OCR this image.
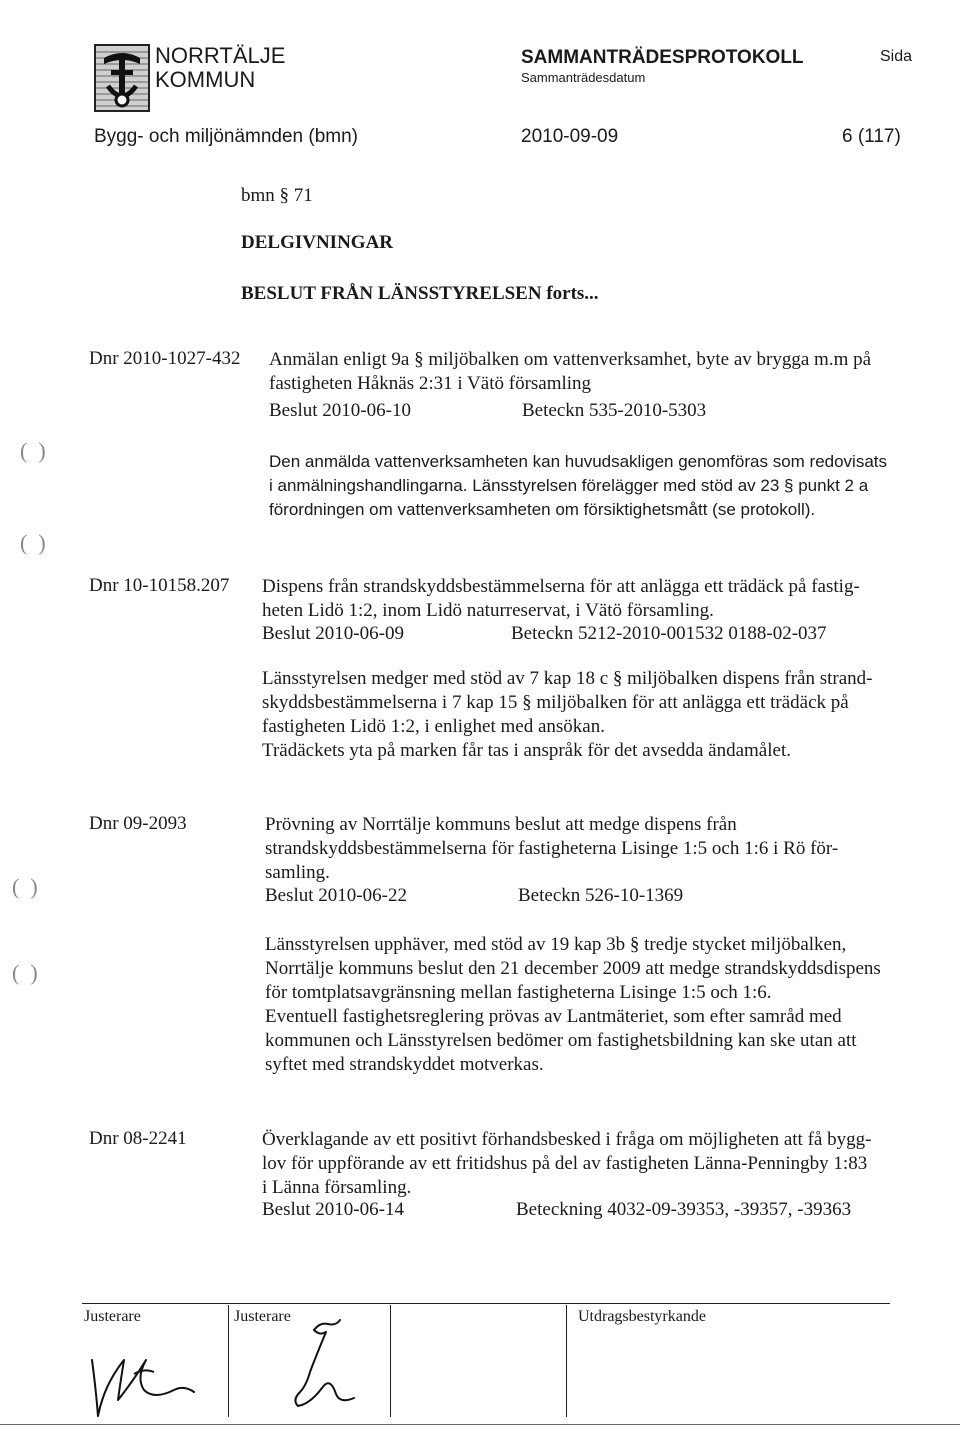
NORRTÄLJE
KOMMUN
SAMMANTRÄDESPROTOKOLL
Sammanträdesdatum
Sida
Bygg- och miljönämnden (bmn)	2010-09-09	6 (117)
bmn § 71
DELGIVNINGAR
BESLUT FRÅN LÄNSSTYRELSEN forts...
Dnr 2010-1027-432 Anmälan enligt 9a § miljöbalken om vattenverksamhet, byte av brygga m.m på

fastigheten Håknäs 2:31 i Vätö församling

Beslut 2010-06-10	Beteckn 535-2010-5303

Den anmälda vattenverksamheten kan huvudsakligen genomföras som redovisats

i anmälningshandlingarna. Länsstyrelsen förelägger med stöd av 23 § punkt 2 a

förordningen om vattenverksamheten om försiktighetsmått (se protokoll).

(  )
(  )
Dnr 10-10158.207 Dispens från strandskyddsbestämmelserna för att anlägga ett trädäck på fastig-

heten Lidö 1:2, inom Lidö naturreservat, i Vätö församling.

Beslut 2010-06-09	Beteckn 5212-2010-001532 0188-02-037

Länsstyrelsen medger med stöd av 7 kap 18 c § miljöbalken dispens från strand-

skyddsbestämmelserna i 7 kap 15 § miljöbalken för att anlägga ett trädäck på

fastigheten Lidö 1:2, i enlighet med ansökan.

Trädäckets yta på marken får tas i anspråk för det avsedda ändamålet.

Dnr 09-2093	Prövning av Norrtälje kommuns beslut att medge dispens från

strandskyddsbestämmelserna för fastigheterna Lisinge 1:5 och 1:6 i Rö för-

samling.

Beslut 2010-06-22	Beteckn 526-10-1369

Länsstyrelsen upphäver, med stöd av 19 kap 3b § tredje stycket miljöbalken,

Norrtälje kommuns beslut den 21 december 2009 att medge strandskyddsdispens

för tomtplatsavgränsning mellan fastigheterna Lisinge 1:5 och 1:6.

Eventuell fastighetsreglering prövas av Lantmäteriet, som efter samråd med

kommunen och Länsstyrelsen bedömer om fastighetsbildning kan ske utan att

syftet med strandskyddet motverkas.

(  )
(  )
Dnr 08-2241	Överklagande av ett positivt förhandsbesked i fråga om möjligheten att få bygg-

lov för uppförande av ett fritidshus på del av fastigheten Länna-Penningby 1:83

i Länna församling.

Beslut 2010-06-14	Beteckning 4032-09-39353, -39357, -39363
Justerare	Justerare	Utdragsbestyrkande
